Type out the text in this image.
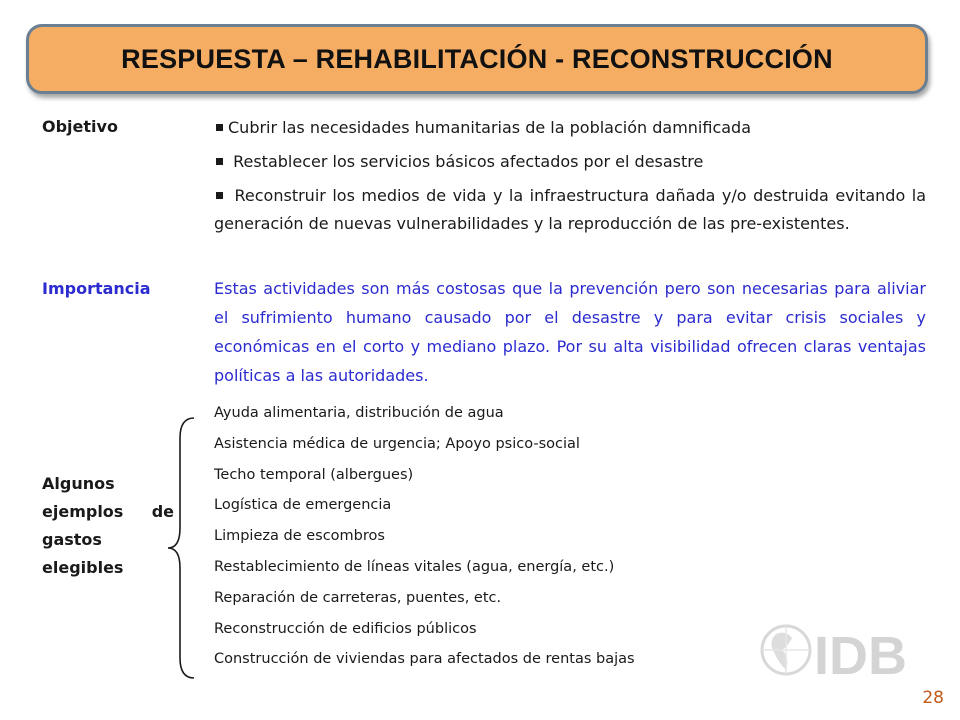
RESPUESTA – REHABILITACIÓN - RECONSTRUCCIÓN
Objetivo	Cubrir las necesidades humanitarias de la población damnificada
Restablecer los servicios básicos afectados por el desastre
Reconstruir los medios de vida y la infraestructura dañada y/o destruida evitando la generación de nuevas vulnerabilidades y la reproducción de las pre-existentes.
Importancia	Estas actividades son más costosas que la prevención pero son necesarias para aliviar el sufrimiento humano causado por el desastre y para evitar crisis sociales y económicas en el corto y mediano plazo. Por su alta visibilidad ofrecen claras ventajas políticas a las autoridades.

Algunos ejemplos de gastos elegibles
Ayuda alimentaria, distribución de agua
Asistencia médica de urgencia; Apoyo psico-social
Techo temporal (albergues)
Logística de emergencia
Limpieza de escombros
Restablecimiento de líneas vitales (agua, energía, etc.)
Reparación de carreteras, puentes, etc.
Reconstrucción de edificios públicos
Construcción de viviendas para afectados de rentas bajas	IDB
28
